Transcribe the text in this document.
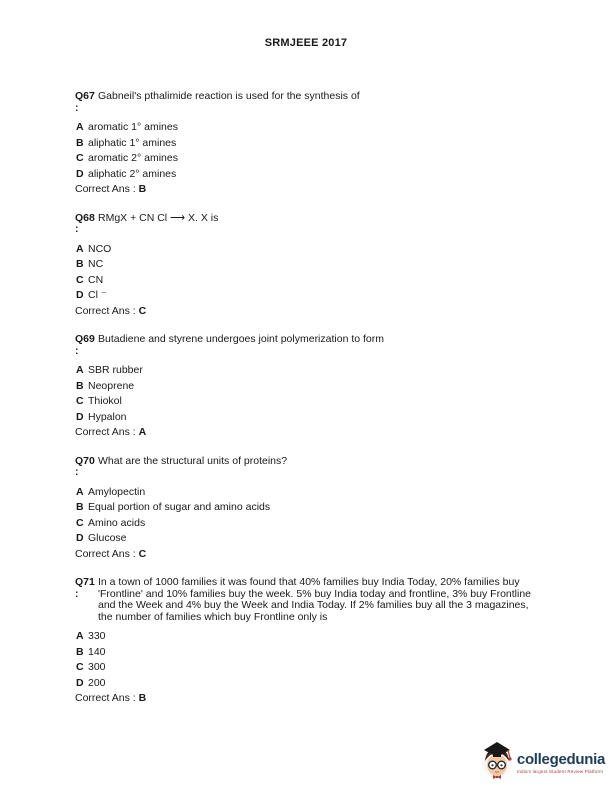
SRMJEEE 2017
Q67
:
Gabneil's pthalimide reaction is used for the synthesis of
A aromatic 1° amines
B aliphatic 1° amines
C aromatic 2° amines
D aliphatic 2° amines
Correct Ans : B
Q68
:
RMgX + CN Cl ⟶ X. X is
A NCO
B NC
C CN
D Cl ⁻
Correct Ans : C
Q69
:
Butadiene and styrene undergoes joint polymerization to form
A SBR rubber
B Neoprene
C Thiokol
D Hypalon
Correct Ans : A
Q70
:
What are the structural units of proteins?
A Amylopectin
B Equal portion of sugar and amino acids
C Amino acids
D Glucose
Correct Ans : C
Q71
:
In a town of 1000 families it was found that 40% families buy India Today, 20% families buy 'Frontline' and 10% families buy the week. 5% buy India today and frontline, 3% buy Frontline and the Week and 4% buy the Week and India Today. If 2% families buy all the 3 magazines, the number of families which buy Frontline only is
A 330
B 140
C 300
D 200
Correct Ans : B
collegedunia
India's largest Student Review Platform
